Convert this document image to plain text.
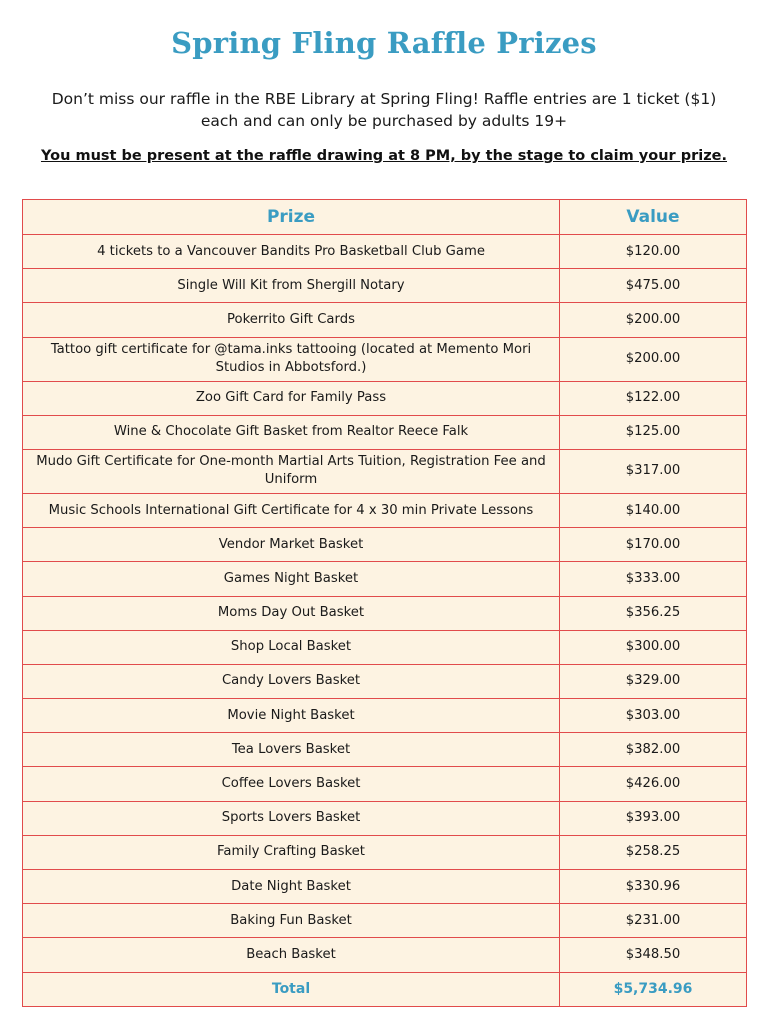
Spring Fling Raffle Prizes
Don’t miss our raffle in the RBE Library at Spring Fling! Raffle entries are 1 ticket ($1) each and can only be purchased by adults 19+
You must be present at the raffle drawing at 8 PM, by the stage to claim your prize.
Prize	Value
4 tickets to a Vancouver Bandits Pro Basketball Club Game	$120.00
Single Will Kit from Shergill Notary	$475.00
Pokerrito Gift Cards	$200.00
Tattoo gift certificate for @tama.inks tattooing (located at Memento Mori Studios in Abbotsford.)	$200.00
Zoo Gift Card for Family Pass	$122.00
Wine & Chocolate Gift Basket from Realtor Reece Falk	$125.00
Mudo Gift Certificate for One-month Martial Arts Tuition, Registration Fee and Uniform	$317.00
Music Schools International Gift Certificate for 4 x 30 min Private Lessons	$140.00
Vendor Market Basket	$170.00
Games Night Basket	$333.00
Moms Day Out Basket	$356.25
Shop Local Basket	$300.00
Candy Lovers Basket	$329.00
Movie Night Basket	$303.00
Tea Lovers Basket	$382.00
Coffee Lovers Basket	$426.00
Sports Lovers Basket	$393.00
Family Crafting Basket	$258.25
Date Night Basket	$330.96
Baking Fun Basket	$231.00
Beach Basket	$348.50
Total	$5,734.96
